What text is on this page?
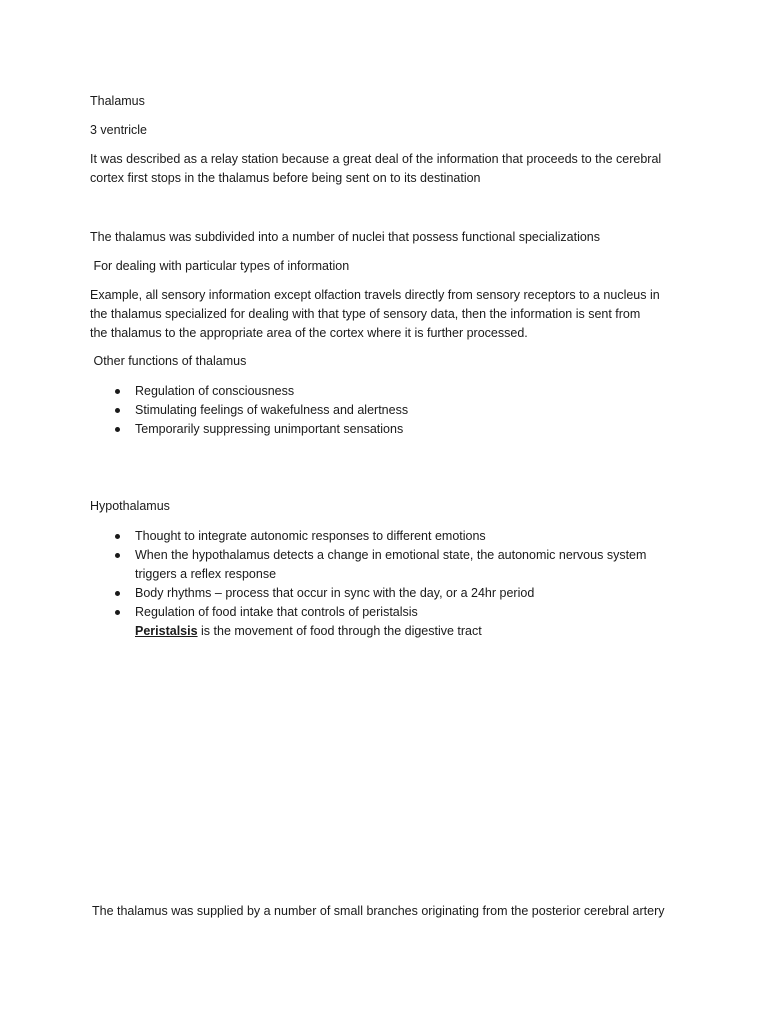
Thalamus
3 ventricle
It was described as a relay station because a great deal of the information that proceeds to the cerebral
cortex first stops in the thalamus before being sent on to its destination
The thalamus was subdivided into a number of nuclei that possess functional specializations
For dealing with particular types of information
Example, all sensory information except olfaction travels directly from sensory receptors to a nucleus in
the thalamus specialized for dealing with that type of sensory data, then the information is sent from
the thalamus to the appropriate area of the cortex where it is further processed.
Other functions of thalamus
Regulation of consciousness
Stimulating feelings of wakefulness and alertness
Temporarily suppressing unimportant sensations
Hypothalamus
Thought to integrate autonomic responses to different emotions
When the hypothalamus detects a change in emotional state, the autonomic nervous system
triggers a reflex response
Body rhythms – process that occur in sync with the day, or a 24hr period
Regulation of food intake that controls of peristalsis
Peristalsis is the movement of food through the digestive tract
The thalamus was supplied by a number of small branches originating from the posterior cerebral artery
